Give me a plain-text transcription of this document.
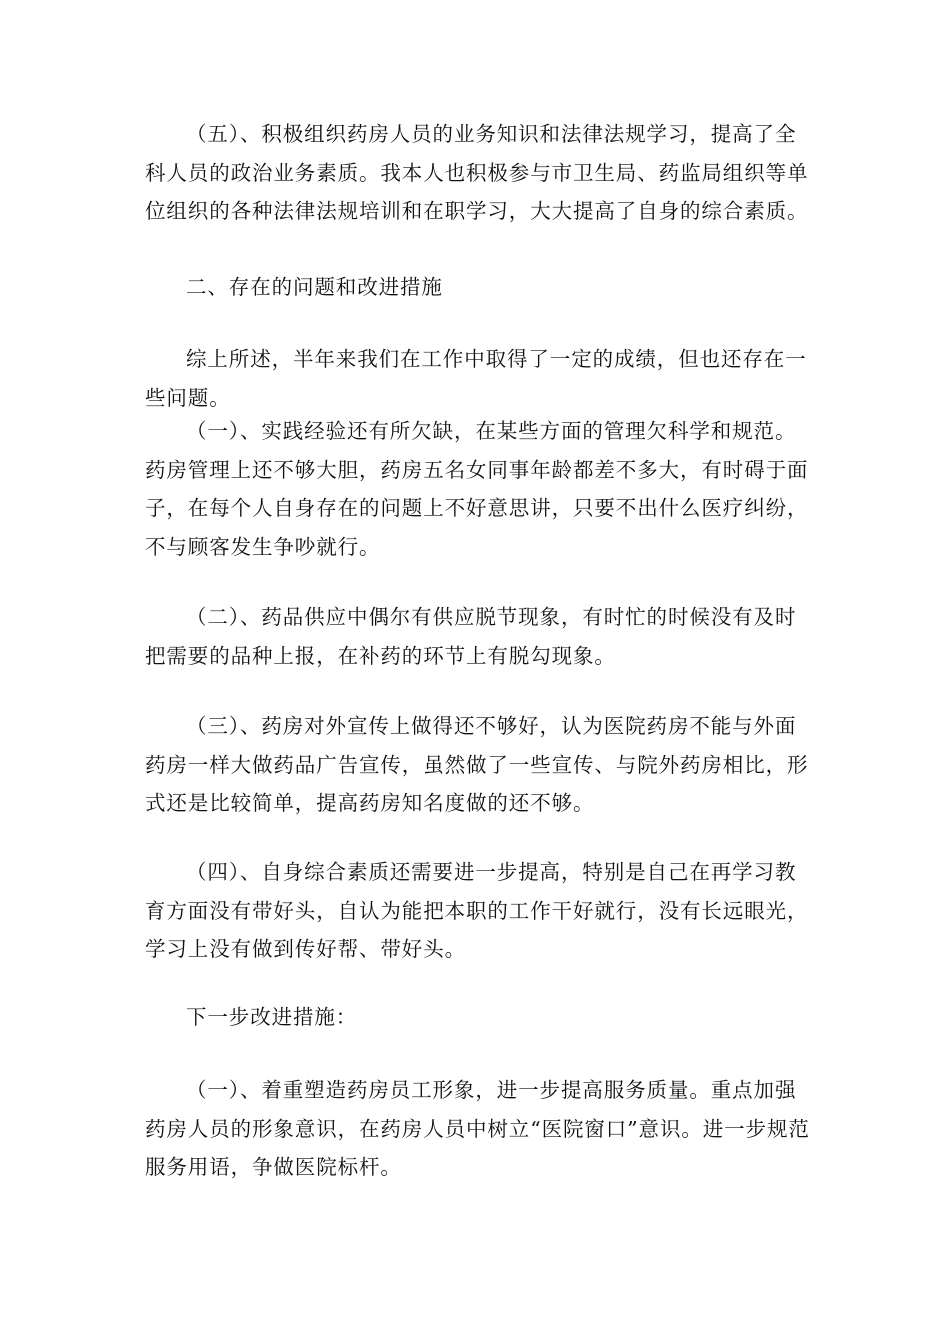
（五）、积极组织药房人员的业务知识和法律法规学习，提高了全科人员的政治业务素质。我本人也积极参与市卫生局、药监局组织等单位组织的各种法律法规培训和在职学习，大大提高了自身的综合素质。

二、存在的问题和改进措施

综上所述，半年来我们在工作中取得了一定的成绩，但也还存在一些问题。

（一）、实践经验还有所欠缺，在某些方面的管理欠科学和规范。药房管理上还不够大胆，药房五名女同事年龄都差不多大，有时碍于面子，在每个人自身存在的问题上不好意思讲，只要不出什么医疗纠纷，不与顾客发生争吵就行。

（二）、药品供应中偶尔有供应脱节现象，有时忙的时候没有及时把需要的品种上报，在补药的环节上有脱勾现象。

（三）、药房对外宣传上做得还不够好，认为医院药房不能与外面药房一样大做药品广告宣传，虽然做了一些宣传、与院外药房相比，形式还是比较简单，提高药房知名度做的还不够。

（四）、自身综合素质还需要进一步提高，特别是自己在再学习教育方面没有带好头，自认为能把本职的工作干好就行，没有长远眼光，学习上没有做到传好帮、带好头。

下一步改进措施：

（一）、着重塑造药房员工形象，进一步提高服务质量。重点加强药房人员的形象意识，在药房人员中树立“医院窗口”意识。进一步规范服务用语，争做医院标杆。
